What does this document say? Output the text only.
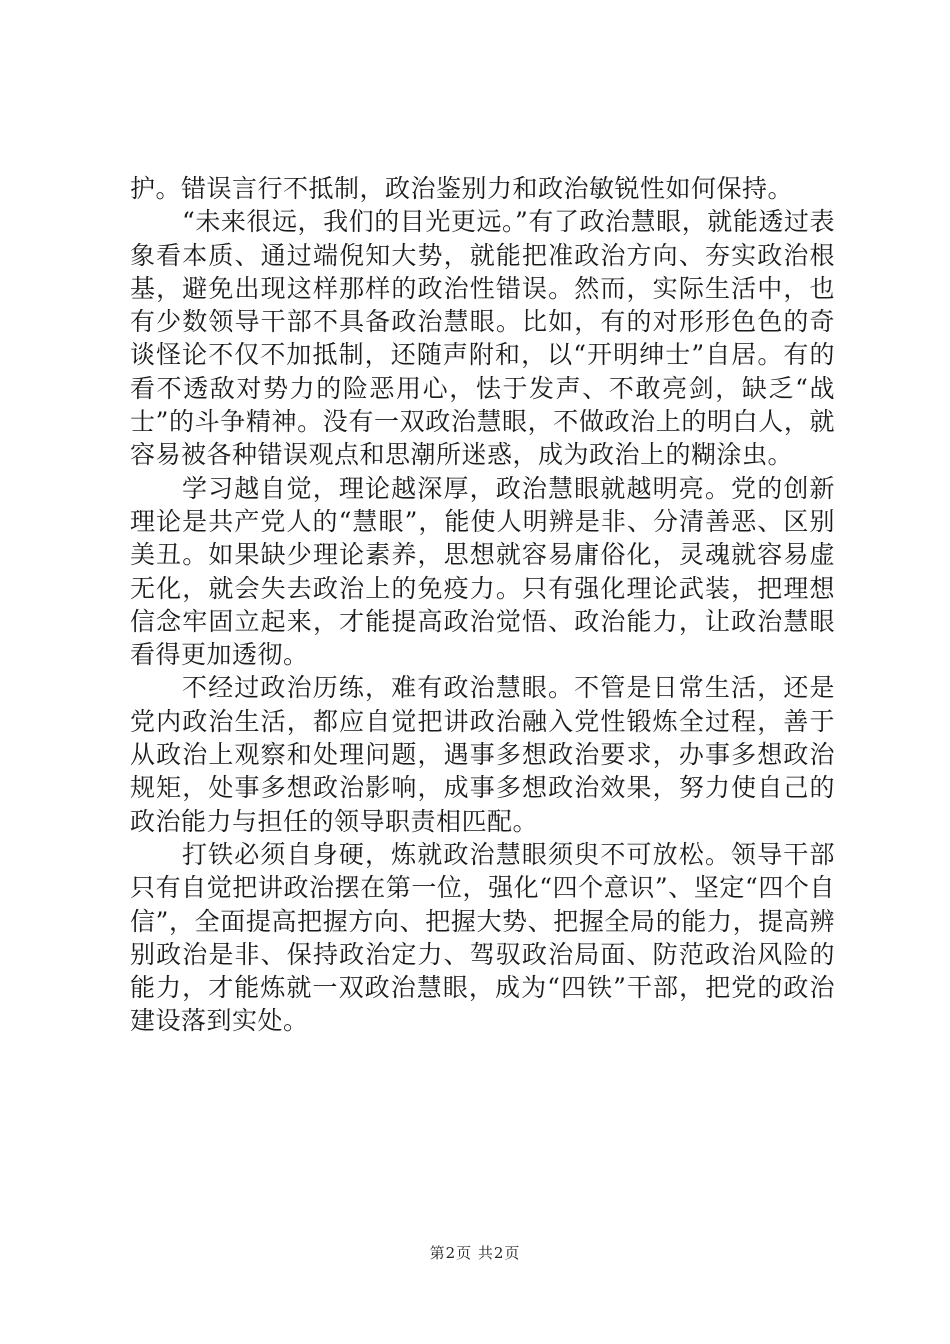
护。错误言行不抵制，政治鉴别力和政治敏锐性如何保持。

“未来很远，我们的目光更远。”有了政治慧眼，就能透过表象看本质、通过端倪知大势，就能把准政治方向、夯实政治根基，避免出现这样那样的政治性错误。然而，实际生活中，也有少数领导干部不具备政治慧眼。比如，有的对形形色色的奇谈怪论不仅不加抵制，还随声附和，以“开明绅士”自居。有的看不透敌对势力的险恶用心，怯于发声、不敢亮剑，缺乏“战士”的斗争精神。没有一双政治慧眼，不做政治上的明白人，就容易被各种错误观点和思潮所迷惑，成为政治上的糊涂虫。

学习越自觉，理论越深厚，政治慧眼就越明亮。党的创新理论是共产党人的“慧眼”，能使人明辨是非、分清善恶、区别美丑。如果缺少理论素养，思想就容易庸俗化，灵魂就容易虚无化，就会失去政治上的免疫力。只有强化理论武装，把理想信念牢固立起来，才能提高政治觉悟、政治能力，让政治慧眼看得更加透彻。

不经过政治历练，难有政治慧眼。不管是日常生活，还是党内政治生活，都应自觉把讲政治融入党性锻炼全过程，善于从政治上观察和处理问题，遇事多想政治要求，办事多想政治规矩，处事多想政治影响，成事多想政治效果，努力使自己的政治能力与担任的领导职责相匹配。

打铁必须自身硬，炼就政治慧眼须臾不可放松。领导干部只有自觉把讲政治摆在第一位，强化“四个意识”、坚定“四个自信”，全面提高把握方向、把握大势、把握全局的能力，提高辨别政治是非、保持政治定力、驾驭政治局面、防范政治风险的能力，才能炼就一双政治慧眼，成为“四铁”干部，把党的政治建设落到实处。

第2页 共2页
